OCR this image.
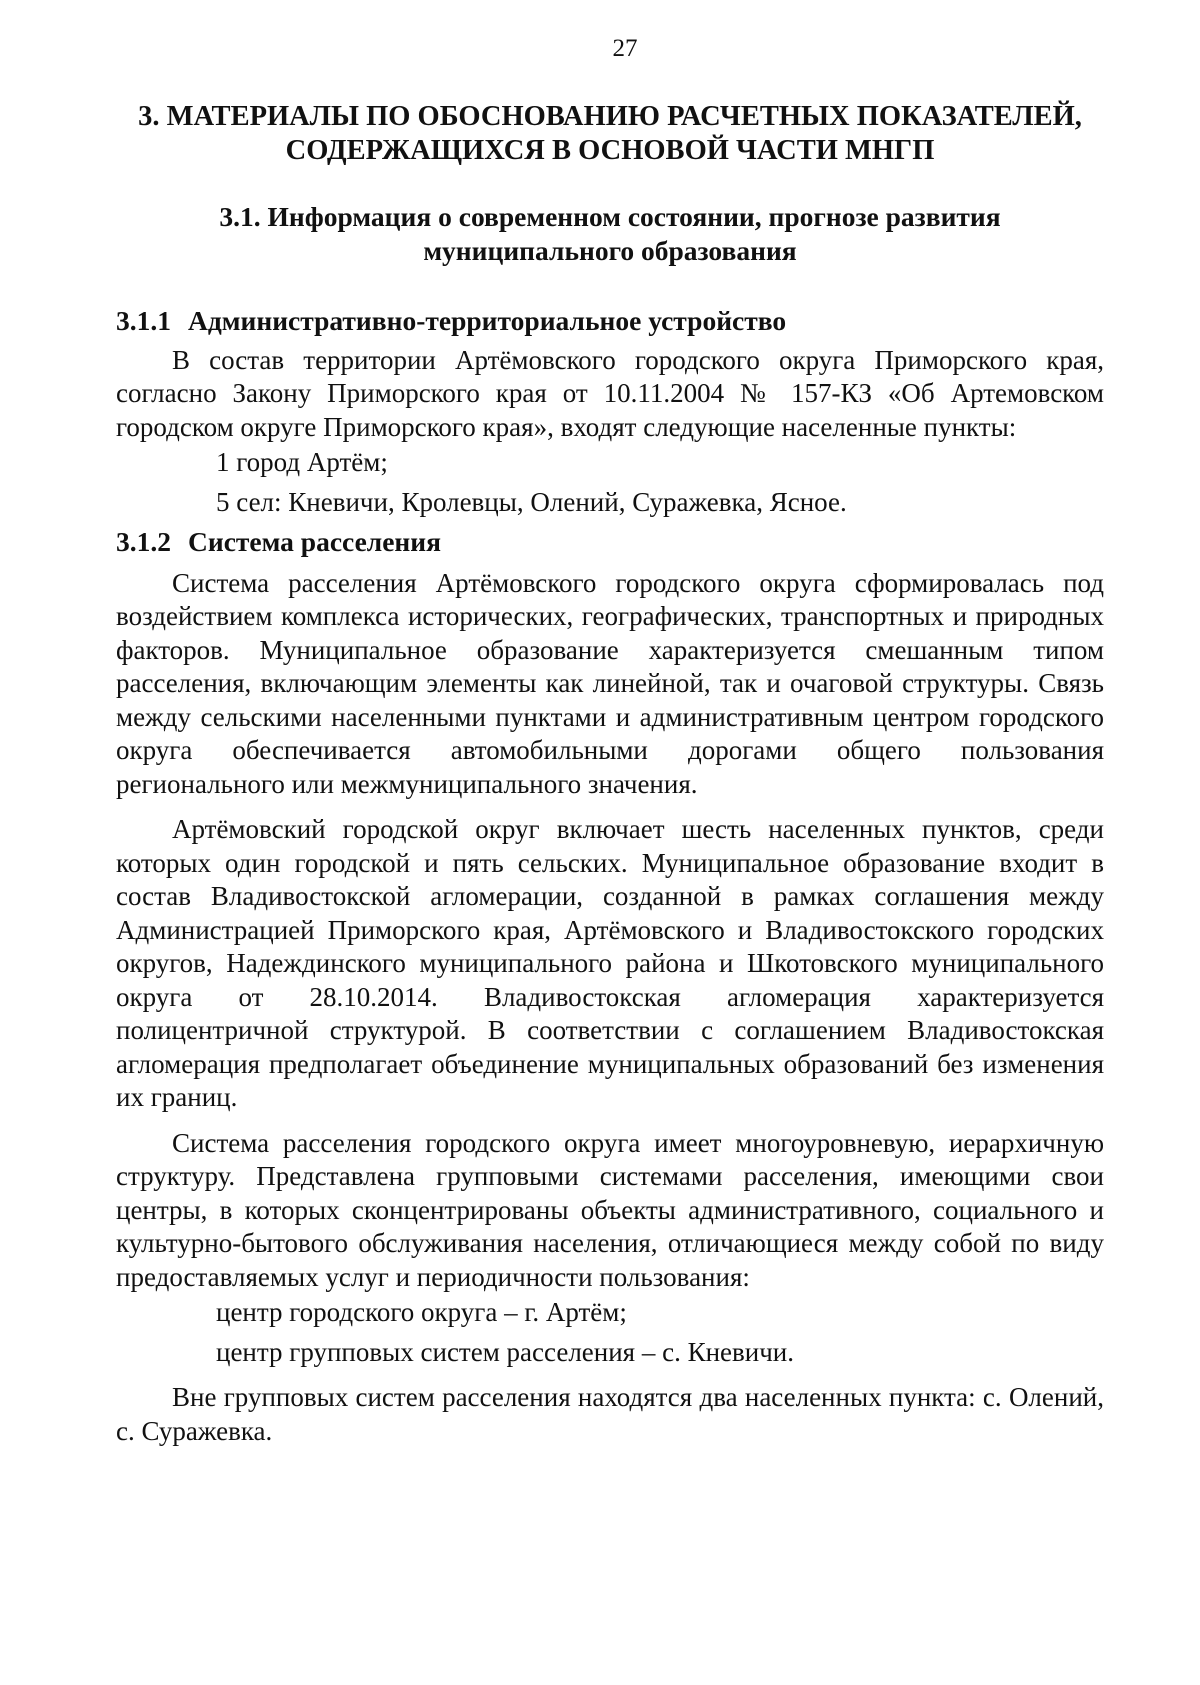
27
3. МАТЕРИАЛЫ ПО ОБОСНОВАНИЮ РАСЧЕТНЫХ ПОКАЗАТЕЛЕЙ,
СОДЕРЖАЩИХСЯ В ОСНОВОЙ ЧАСТИ МНГП
3.1. Информация о современном состоянии, прогнозе развития
муниципального образования
3.1.1 Административно-территориальное устройство

В состав территории Артёмовского городского округа Приморского края, согласно Закону Приморского края от 10.11.2004 № 157-КЗ «Об Артемовском городском округе Приморского края», входят следующие населенные пункты:

1 город Артём;
5 сел: Кневичи, Кролевцы, Олений, Суражевка, Ясное.
3.1.2 Система расселения

Система расселения Артёмовского городского округа сформировалась под воздействием комплекса исторических, географических, транспортных и природных факторов. Муниципальное образование характеризуется смешанным типом расселения, включающим элементы как линейной, так и очаговой структуры. Связь между сельскими населенными пунктами и административным центром городского округа обеспечивается автомобильными дорогами общего пользования регионального или межмуниципального значения.

Артёмовский городской округ включает шесть населенных пунктов, среди которых один городской и пять сельских. Муниципальное образование входит в состав Владивостокской агломерации, созданной в рамках соглашения между Администрацией Приморского края, Артёмовского и Владивостокского городских округов, Надеждинского муниципального района и Шкотовского муниципального округа от 28.10.2014. Владивостокская агломерация характеризуется полицентричной структурой. В соответствии с соглашением Владивостокская агломерация предполагает объединение муниципальных образований без изменения их границ.

Система расселения городского округа имеет многоуровневую, иерархичную структуру. Представлена групповыми системами расселения, имеющими свои центры, в которых сконцентрированы объекты административного, социального и культурно-бытового обслуживания населения, отличающиеся между собой по виду предоставляемых услуг и периодичности пользования:

центр городского округа – г. Артём;
центр групповых систем расселения – с. Кневичи.

Вне групповых систем расселения находятся два населенных пункта: с. Олений, с. Суражевка.
